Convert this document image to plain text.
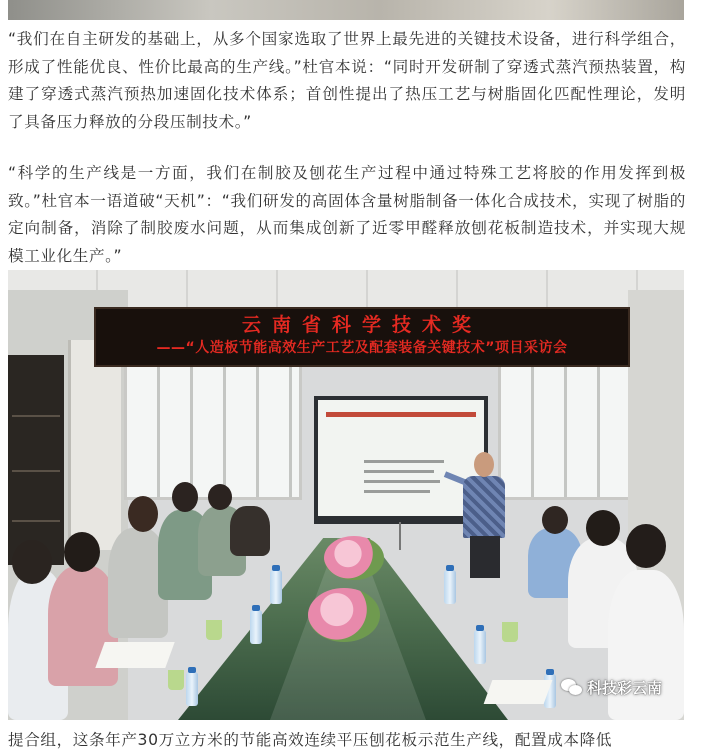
“我们在自主研发的基础上，从多个国家选取了世界上最先进的关键技术设备，进行科学组合，形成了性能优良、性价比最高的生产线。”杜官本说：“同时开发研制了穿透式蒸汽预热装置，构建了穿透式蒸汽预热加速固化技术体系；首创性提出了热压工艺与树脂固化匹配性理论，发明了具备压力释放的分段压制技术。”

“科学的生产线是一方面，我们在制胶及刨花生产过程中通过特殊工艺将胶的作用发挥到极致。”杜官本一语道破“天机”：“我们研发的高固体含量树脂制备一体化合成技术，实现了树脂的定向制备，消除了制胶废水问题，从而集成创新了近零甲醛释放刨花板制造技术，并实现大规模工业化生产。”

云南省科学技术奖
——“人造板节能高效生产工艺及配套装备关键技术”项目采访会
科技彩云南
提合组，这条年产30万立方米的节能高效连续平压刨花板示范生产线，配置成本降低
